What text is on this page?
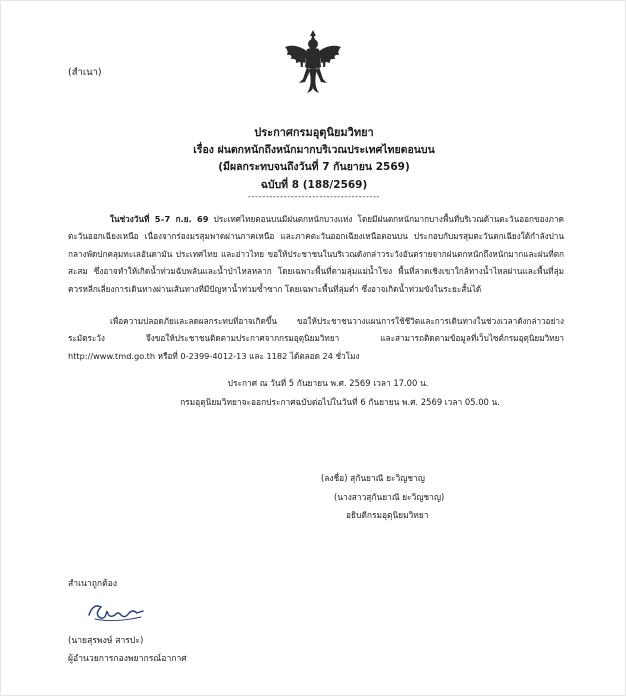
(สำเนา)
ประกาศกรมอุตุนิยมวิทยา
เรื่อง ฝนตกหนักถึงหนักมากบริเวณประเทศไทยตอนบน
(มีผลกระทบจนถึงวันที่ 7 กันยายน 2569)
ฉบับที่ 8 (188/2569)
-------------------------------------
ในช่วงวันที่ 5–7 ก.ย. 69 ประเทศไทยตอนบนมีฝนตกหนักบางแห่ง โดยมีฝนตกหนักมากบางพื้นที่บริเวณด้านตะวันออกของภาคตะวันออกเฉียงเหนือ เนื่องจากร่องมรสุมพาดผ่านภาคเหนือ และภาคตะวันออกเฉียงเหนือตอนบน ประกอบกับมรสุมตะวันตกเฉียงใต้กำลังปานกลางพัดปกคลุมทะเลอันดามัน ประเทศไทย และอ่าวไทย ขอให้ประชาชนในบริเวณดังกล่าวระวังอันตรายจากฝนตกหนักถึงหนักมากและฝนที่ตกสะสม ซึ่งอาจทำให้เกิดน้ำท่วมฉับพลันและน้ำป่าไหลหลาก โดยเฉพาะพื้นที่ตามลุ่มแม่น้ำโขง พื้นที่ลาดเชิงเขาใกล้ทางน้ำไหลผ่านและพื้นที่ลุ่ม ควรหลีกเลี่ยงการเดินทางผ่านเส้นทางที่มีปัญหาน้ำท่วมซ้ำซาก โดยเฉพาะพื้นที่ลุ่มต่ำ ซึ่งอาจเกิดน้ำท่วมขังในระยะสั้นได้
เพื่อความปลอดภัยและลดผลกระทบที่อาจเกิดขึ้น ขอให้ประชาชนวางแผนการใช้ชีวิตและการเดินทางในช่วงเวลาดังกล่าวอย่างระมัดระวัง จึงขอให้ประชาชนติดตามประกาศจากกรมอุตุนิยมวิทยา และสามารถติดตามข้อมูลที่เว็บไซต์กรมอุตุนิยมวิทยา http://www.tmd.go.th หรือที่ 0-2399-4012-13 และ 1182 ได้ตลอด 24 ชั่วโมง
ประกาศ ณ วันที่ 5 กันยายน พ.ศ. 2569 เวลา 17.00 น.
กรมอุตุนิยมวิทยาจะออกประกาศฉบับต่อไปในวันที่ 6 กันยายน พ.ศ. 2569 เวลา 05.00 น.
(ลงชื่อ) สุกันยาณี ยะวิญชาญ
(นางสาวสุกันยาณี ยะวิญชาญ)
อธิบดีกรมอุตุนิยมวิทยา
สำเนาถูกต้อง
(นายสุรพงษ์ สารปะ)
ผู้อำนวยการกองพยากรณ์อากาศ
